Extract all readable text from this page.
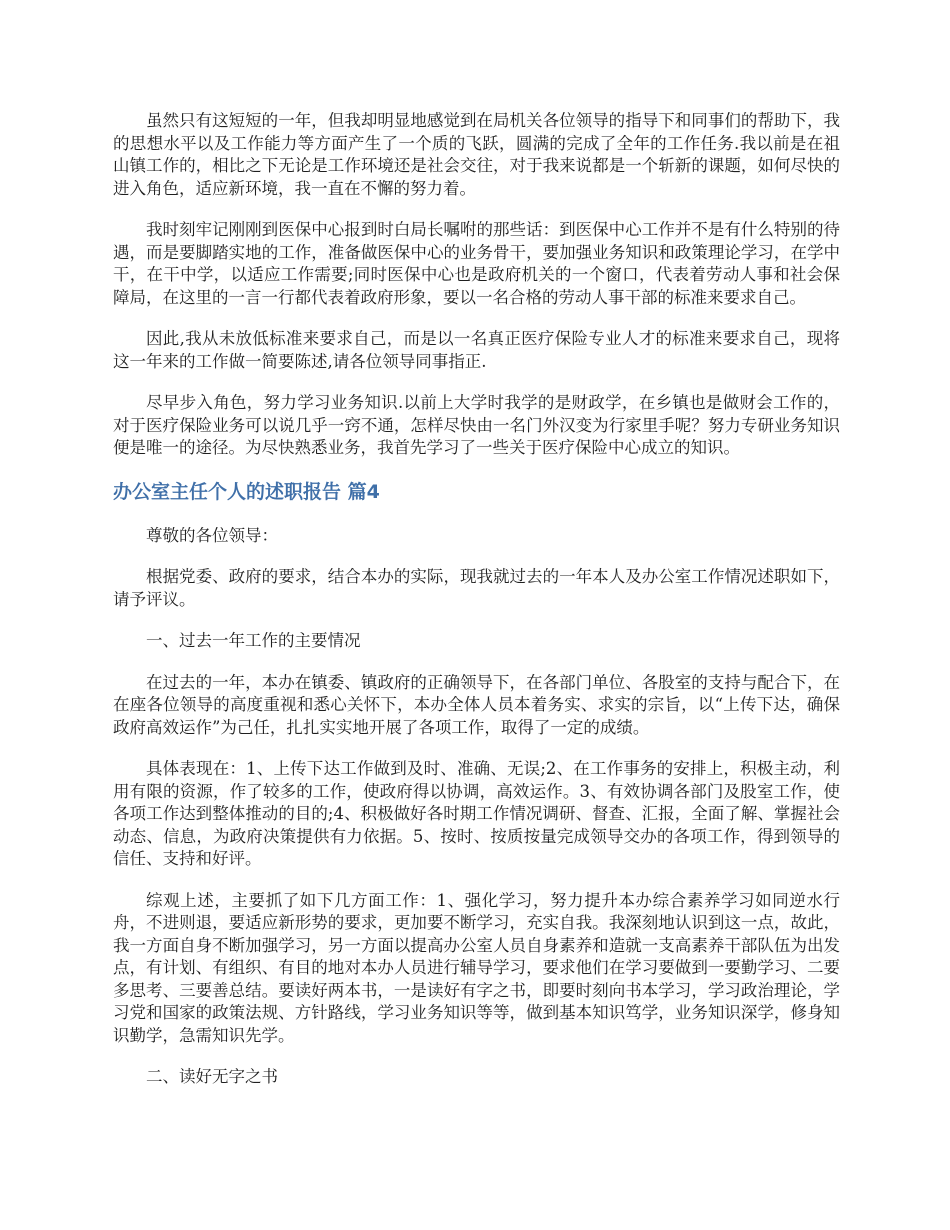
虽然只有这短短的一年，但我却明显地感觉到在局机关各位领导的指导下和同事们的帮助下，我的思想水平以及工作能力等方面产生了一个质的飞跃，圆满的完成了全年的工作任务.我以前是在祖山镇工作的，相比之下无论是工作环境还是社会交往，对于我来说都是一个斩新的课题，如何尽快的进入角色，适应新环境，我一直在不懈的努力着。

我时刻牢记刚刚到医保中心报到时白局长嘱咐的那些话：到医保中心工作并不是有什么特别的待遇，而是要脚踏实地的工作，准备做医保中心的业务骨干，要加强业务知识和政策理论学习，在学中干，在干中学，以适应工作需要;同时医保中心也是政府机关的一个窗口，代表着劳动人事和社会保障局，在这里的一言一行都代表着政府形象，要以一名合格的劳动人事干部的标准来要求自己。

因此,我从未放低标准来要求自己，而是以一名真正医疗保险专业人才的标准来要求自己，现将这一年来的工作做一简要陈述,请各位领导同事指正.

尽早步入角色，努力学习业务知识.以前上大学时我学的是财政学，在乡镇也是做财会工作的，对于医疗保险业务可以说几乎一窍不通，怎样尽快由一名门外汉变为行家里手呢？努力专研业务知识便是唯一的途径。为尽快熟悉业务，我首先学习了一些关于医疗保险中心成立的知识。

办公室主任个人的述职报告 篇4

尊敬的各位领导：

根据党委、政府的要求，结合本办的实际，现我就过去的一年本人及办公室工作情况述职如下，请予评议。

一、过去一年工作的主要情况

在过去的一年，本办在镇委、镇政府的正确领导下，在各部门单位、各股室的支持与配合下，在在座各位领导的高度重视和悉心关怀下，本办全体人员本着务实、求实的宗旨，以“上传下达，确保政府高效运作”为己任，扎扎实实地开展了各项工作，取得了一定的成绩。

具体表现在：1、上传下达工作做到及时、准确、无误;2、在工作事务的安排上，积极主动，利用有限的资源，作了较多的工作，使政府得以协调，高效运作。3、有效协调各部门及股室工作，使各项工作达到整体推动的目的;4、积极做好各时期工作情况调研、督查、汇报，全面了解、掌握社会动态、信息，为政府决策提供有力依据。5、按时、按质按量完成领导交办的各项工作，得到领导的信任、支持和好评。

综观上述，主要抓了如下几方面工作：1、强化学习，努力提升本办综合素养学习如同逆水行舟，不进则退，要适应新形势的要求，更加要不断学习，充实自我。我深刻地认识到这一点，故此，我一方面自身不断加强学习，另一方面以提高办公室人员自身素养和造就一支高素养干部队伍为出发点，有计划、有组织、有目的地对本办人员进行辅导学习，要求他们在学习要做到一要勤学习、二要多思考、三要善总结。要读好两本书，一是读好有字之书，即要时刻向书本学习，学习政治理论，学习党和国家的政策法规、方针路线，学习业务知识等等，做到基本知识笃学，业务知识深学，修身知识勤学，急需知识先学。

二、读好无字之书
